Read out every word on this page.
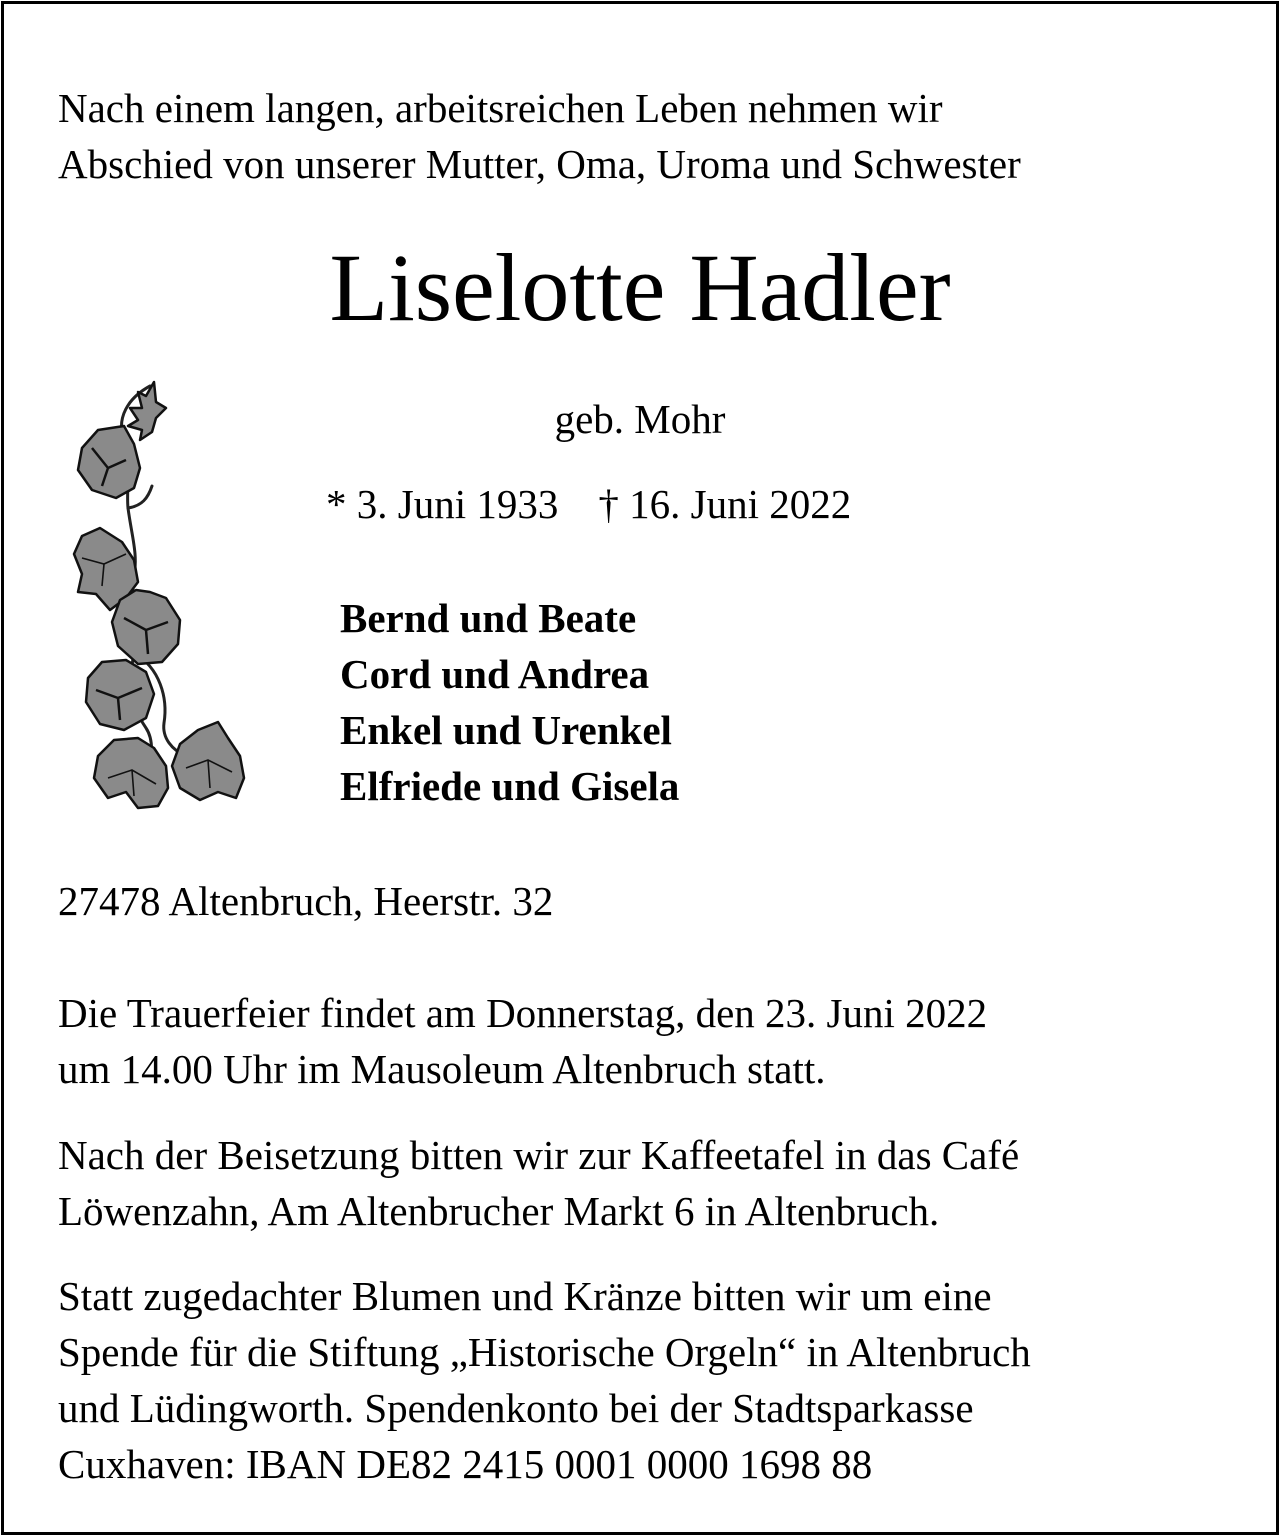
Nach einem langen, arbeitsreichen Leben nehmen wir
Abschied von unserer Mutter, Oma, Uroma und Schwester
Liselotte Hadler
geb. Mohr
* 3. Juni 1933 † 16. Juni 2022
Bernd und Beate
Cord und Andrea
Enkel und Urenkel
Elfriede und Gisela
27478 Altenbruch, Heerstr. 32
Die Trauerfeier findet am Donnerstag, den 23. Juni 2022
um 14.00 Uhr im Mausoleum Altenbruch statt.
Nach der Beisetzung bitten wir zur Kaffeetafel in das Café
Löwenzahn, Am Altenbrucher Markt 6 in Altenbruch.
Statt zugedachter Blumen und Kränze bitten wir um eine
Spende für die Stiftung „Historische Orgeln“ in Altenbruch
und Lüdingworth. Spendenkonto bei der Stadtsparkasse
Cuxhaven: IBAN DE82 2415 0001 0000 1698 88
